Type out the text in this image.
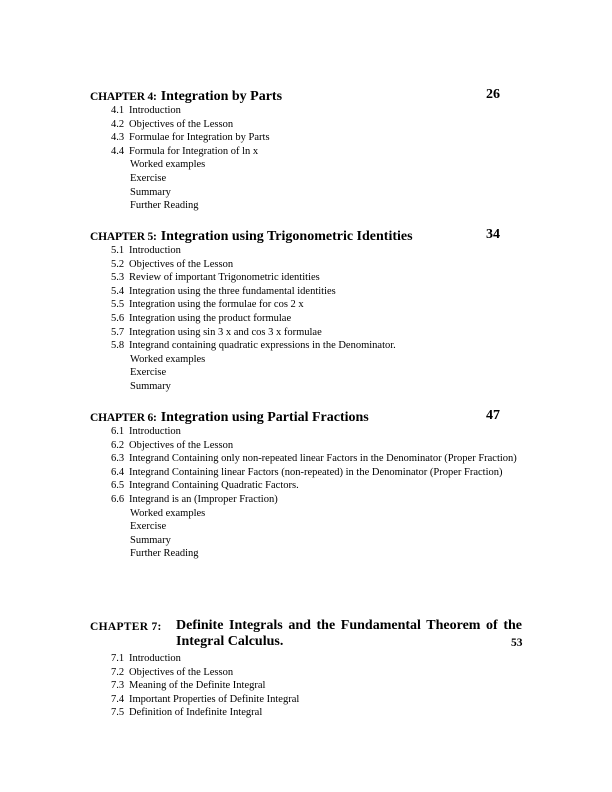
CHAPTER 4: Integration by Parts	26
4.1 Introduction
4.2 Objectives of the Lesson
4.3 Formulae for Integration by Parts
4.4 Formula for Integration of ln x
Worked examples
Exercise
Summary
Further Reading
CHAPTER 5: Integration using Trigonometric Identities	34
5.1 Introduction
5.2 Objectives of the Lesson
5.3 Review of important Trigonometric identities
5.4 Integration using the three fundamental identities
5.5 Integration using the formulae for cos 2 x
5.6 Integration using the product formulae
5.7 Integration using sin 3 x and cos 3 x formulae
5.8 Integrand containing quadratic expressions in the Denominator.
Worked examples
Exercise
Summary
CHAPTER 6: Integration using Partial Fractions	47
6.1 Introduction
6.2 Objectives of the Lesson
6.3 Integrand Containing only non-repeated linear Factors in the Denominator (Proper Fraction)
6.4 Integrand Containing linear Factors (non-repeated) in the Denominator (Proper Fraction)
6.5 Integrand Containing Quadratic Factors.
6.6 Integrand is an (Improper Fraction)
Worked examples
Exercise
Summary
Further Reading
CHAPTER 7: Definite Integrals and the Fundamental Theorem of the
Integral Calculus.	53
7.1 Introduction
7.2 Objectives of the Lesson
7.3 Meaning of the Definite Integral
7.4 Important Properties of Definite Integral
7.5 Definition of Indefinite Integral
